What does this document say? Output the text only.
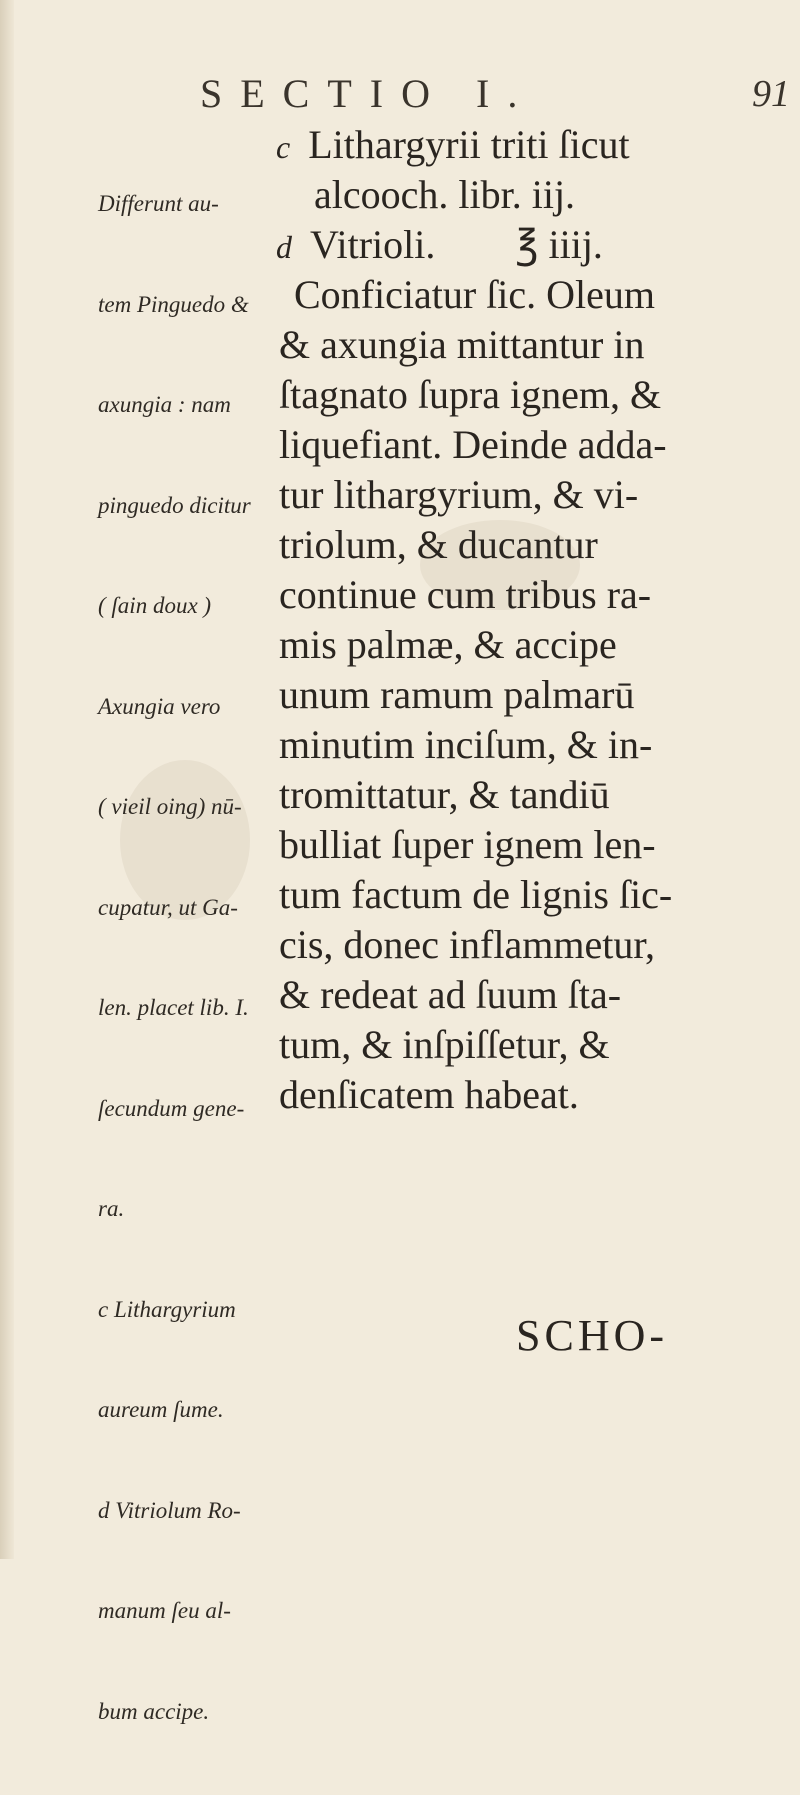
SECTIO I.	91

Differunt au-

tem Pinguedo &

axungia : nam

pinguedo dicitur

( ſain doux )

Axungia vero

( vieil oing) nū-

cupatur, ut Ga-

len. placet lib. I.

ſecundum gene-

ra.

c Lithargyrium

aureum ſume.

d Vitriolum Ro-

manum ſeu al-

bum accipe.

c Lithargyrii triti ſicut
alcooch. libr. iij.
d Vitrioli.        ℥ iiij.
Conficiatur ſic. Oleum
& axungia mittantur in
ſtagnato ſupra ignem, &
liquefiant. Deinde adda-
tur lithargyrium, & vi-
triolum, & ducantur
continue cum tribus ra-
mis palmæ, & accipe
unum ramum palmarū
minutim inciſum, & in-
tromittatur, & tandiū
bulliat ſuper ignem len-
tum factum de lignis ſic-
cis, donec inflammetur,
& redeat ad ſuum ſta-
tum, & inſpiſſetur, &
denſicatem habeat.
SCHO-
